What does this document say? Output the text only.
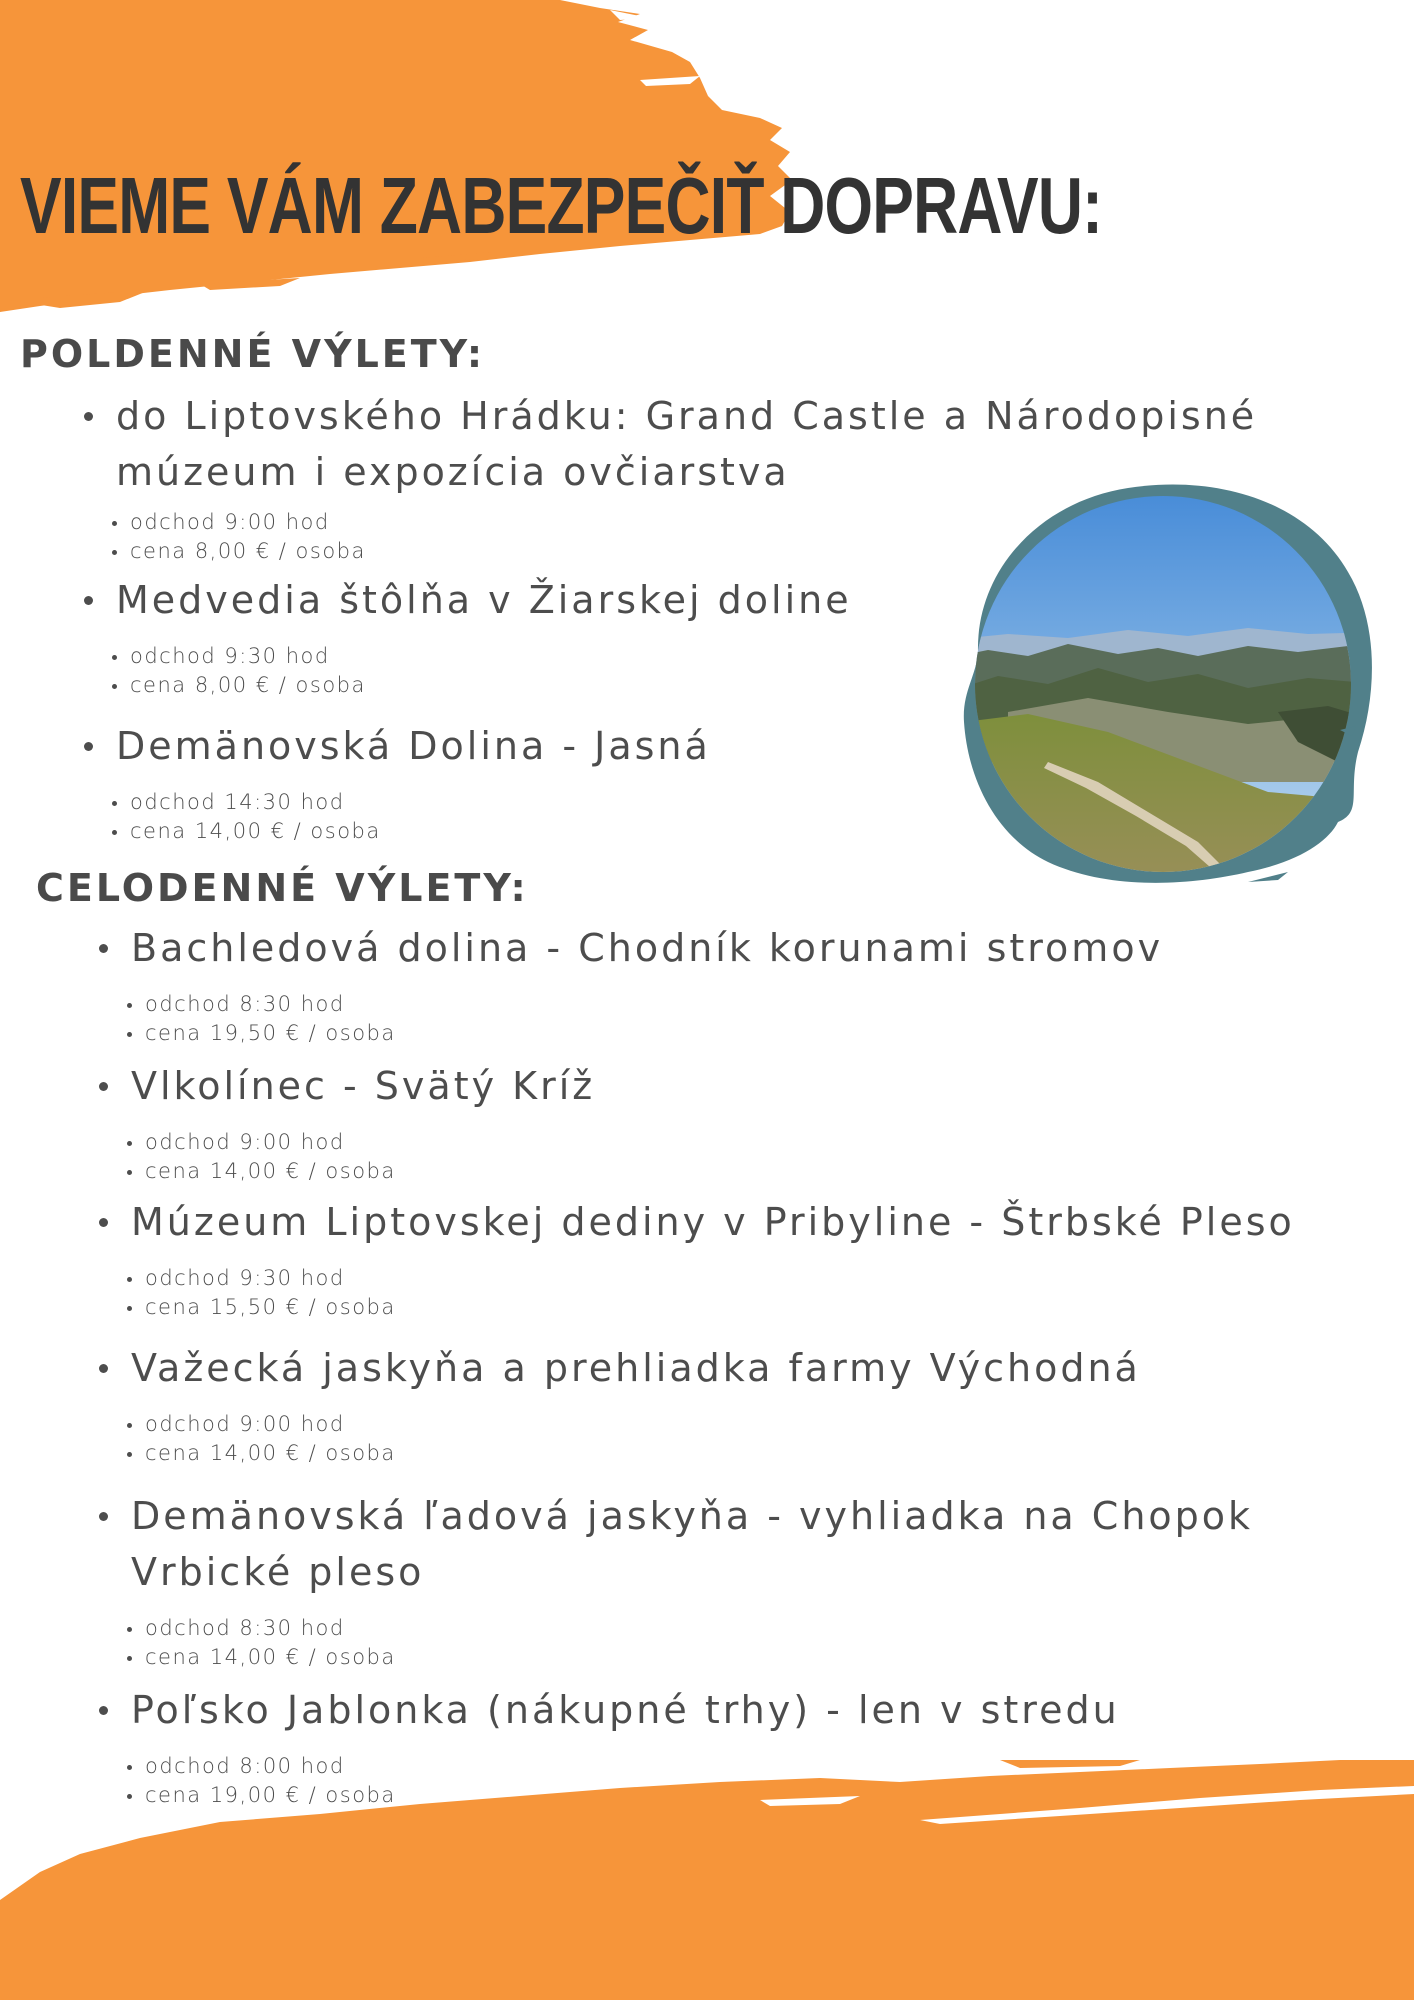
VIEME VÁM ZABEZPEČIŤ DOPRAVU:
POLDENNÉ VÝLETY:
do Liptovského Hrádku: Grand Castle a Národopisné
múzeum i expozícia ovčiarstva
odchod 9:00 hod
cena 8,00 € / osoba
Medvedia štôlňa v Žiarskej doline
odchod 9:30 hod
cena 8,00 € / osoba
Demänovská Dolina - Jasná
odchod 14:30 hod
cena 14,00 € / osoba
CELODENNÉ VÝLETY:
Bachledová dolina - Chodník korunami stromov
odchod 8:30 hod
cena 19,50 € / osoba
Vlkolínec - Svätý Kríž
odchod 9:00 hod
cena 14,00 € / osoba
Múzeum Liptovskej dediny v Pribyline - Štrbské Pleso
odchod 9:30 hod
cena 15,50 € / osoba
Važecká jaskyňa a prehliadka farmy Východná
odchod 9:00 hod
cena 14,00 € / osoba
Demänovská ľadová jaskyňa - vyhliadka na Chopok
Vrbické pleso
odchod 8:30 hod
cena 14,00 € / osoba
Poľsko Jablonka (nákupné trhy) - len v stredu
odchod 8:00 hod
cena 19,00 € / osoba
